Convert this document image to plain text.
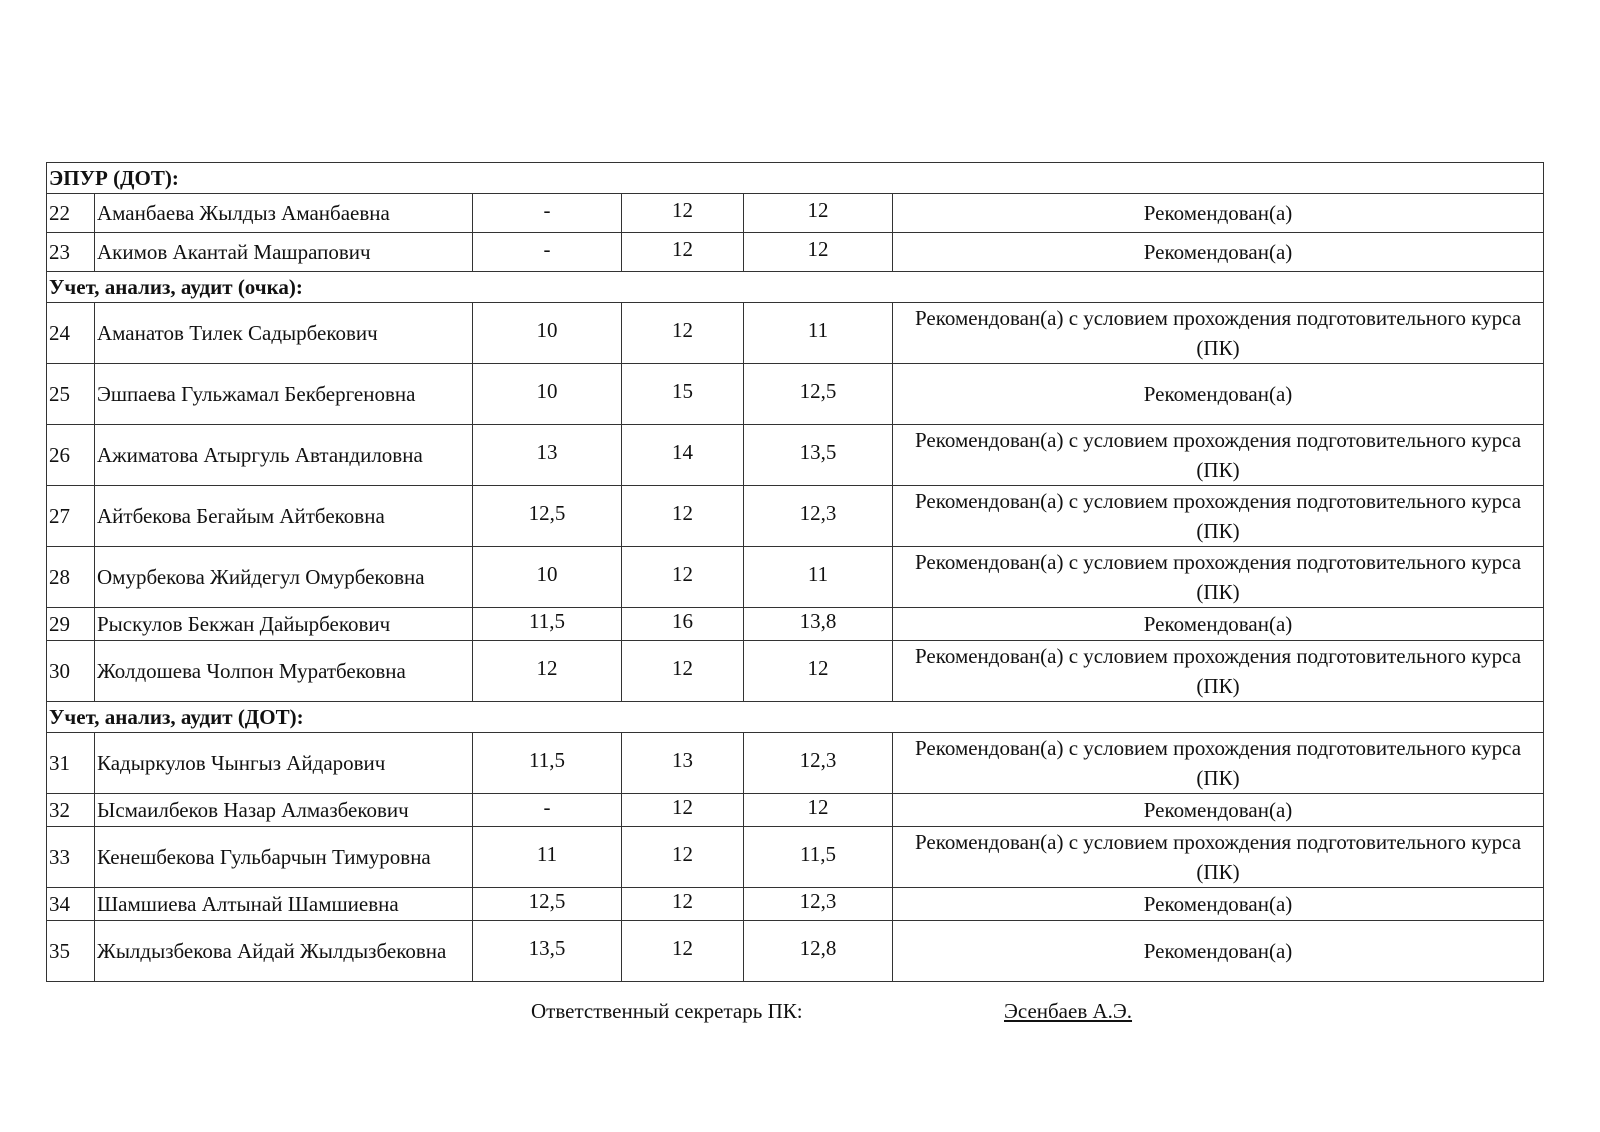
ЭПУР (ДОТ):					
22	Аманбаева Жылдыз Аманбаевна	-	12	12	Рекомендован(а)
23	Акимов Акантай Машрапович	-	12	12	Рекомендован(а)
Учет, анализ, аудит (очка):					
24	Аманатов Тилек Садырбекович	10	12	11	Рекомендован(а) с условием прохождения подготовительного курса (ПК)
25	Эшпаева Гульжамал Бекбергеновна	10	15	12,5	Рекомендован(а)
26	Ажиматова Атыргуль Автандиловна	13	14	13,5	Рекомендован(а) с условием прохождения подготовительного курса (ПК)
27	Айтбекова Бегайым Айтбековна	12,5	12	12,3	Рекомендован(а) с условием прохождения подготовительного курса (ПК)
28	Омурбекова Жийдегул Омурбековна	10	12	11	Рекомендован(а) с условием прохождения подготовительного курса (ПК)
29	Рыскулов Бекжан Дайырбекович	11,5	16	13,8	Рекомендован(а)
30	Жолдошева Чолпон Муратбековна	12	12	12	Рекомендован(а) с условием прохождения подготовительного курса (ПК)
Учет, анализ, аудит (ДОТ):					
31	Кадыркулов Чынгыз Айдарович	11,5	13	12,3	Рекомендован(а) с условием прохождения подготовительного курса (ПК)
32	Ысмаилбеков Назар Алмазбекович	-	12	12	Рекомендован(а)
33	Кенешбекова Гульбарчын Тимуровна	11	12	11,5	Рекомендован(а) с условием прохождения подготовительного курса (ПК)
34	Шамшиева Алтынай Шамшиевна	12,5	12	12,3	Рекомендован(а)
35	Жылдызбекова Айдай Жылдызбековна	13,5	12	12,8	Рекомендован(а)
Ответственный секретарь ПК:	Эсенбаев А.Э.
